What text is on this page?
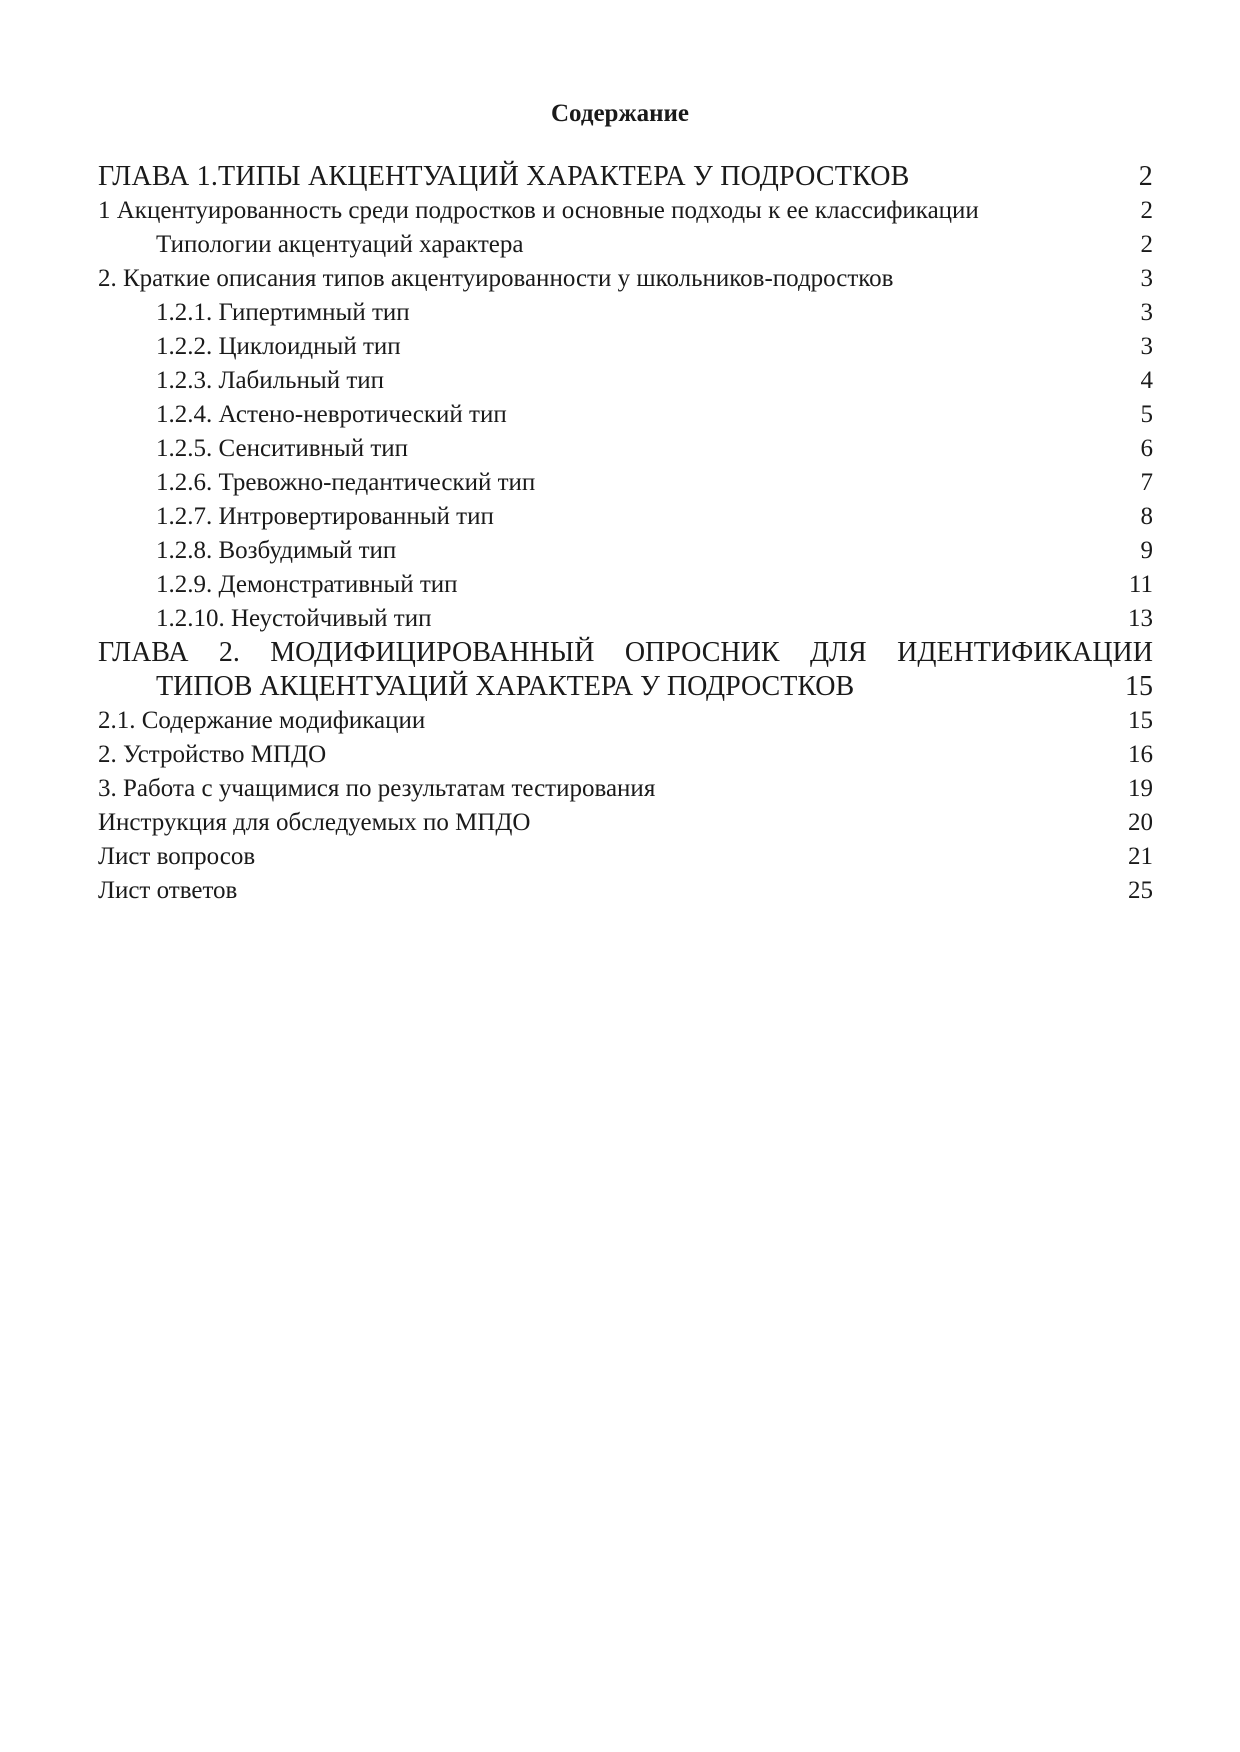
Содержание
ГЛАВА 1.ТИПЫ АКЦЕНТУАЦИЙ ХАРАКТЕРА У ПОДРОСТКОВ	2
1 Акцентуированность среди подростков и основные подходы к ее классификации	2
Типологии акцентуаций характера	2
2. Краткие описания типов акцентуированности у школьников-подростков	3
1.2.1. Гипертимный тип	3
1.2.2. Циклоидный тип	3
1.2.3. Лабильный тип	4
1.2.4. Астено-невротический тип	5
1.2.5. Сенситивный тип	6
1.2.6. Тревожно-педантический тип	7
1.2.7. Интровертированный тип	8
1.2.8. Возбудимый тип	9
1.2.9. Демонстративный тип	11
1.2.10. Неустойчивый тип	13
ГЛАВА 2. МОДИФИЦИРОВАННЫЙ ОПРОСНИК ДЛЯ ИДЕНТИФИКАЦИИ
ТИПОВ АКЦЕНТУАЦИЙ ХАРАКТЕРА У ПОДРОСТКОВ	15
2.1. Содержание модификации	15
2. Устройство МПДО	16
3. Работа с учащимися по результатам тестирования	19
Инструкция для обследуемых по МПДО	20
Лист вопросов	21
Лист ответов	25
